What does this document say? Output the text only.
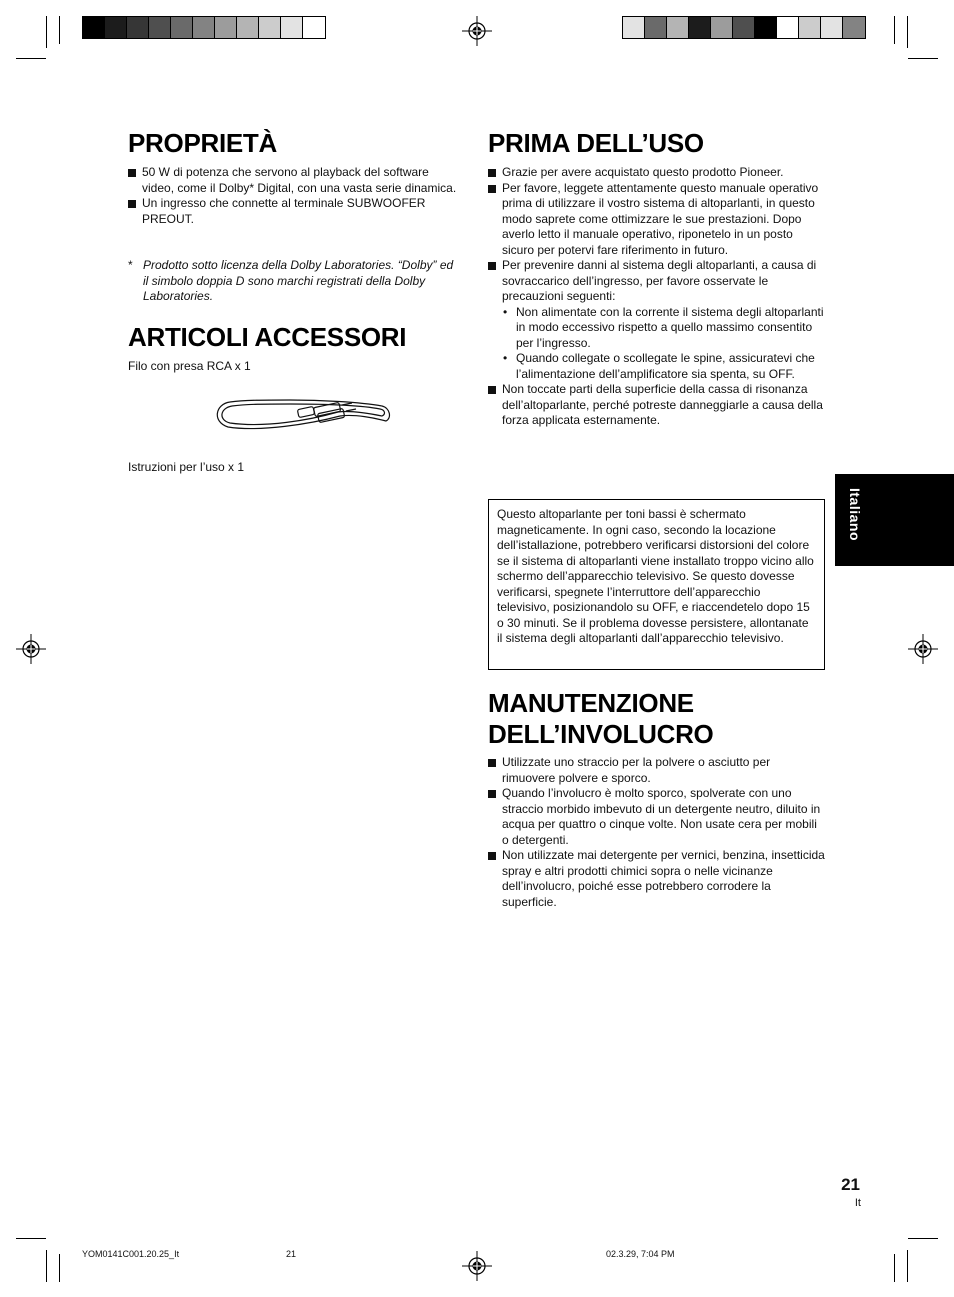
PROPRIETÀ
50 W di potenza che servono al playback del software video, come il Dolby* Digital, con una vasta serie dinamica.
Un ingresso che connette al terminale SUBWOOFER PREOUT.
* Prodotto sotto licenza della Dolby Laboratories. “Dolby” ed il simbolo doppia D sono marchi registrati della Dolby Laboratories.
ARTICOLI ACCESSORI

Filo con presa RCA x 1

Istruzioni per l’uso x 1

PRIMA DELL’USO
Grazie per avere acquistato questo prodotto Pioneer.
Per favore, leggete attentamente questo manuale operativo prima di utilizzare il vostro sistema di altoparlanti, in questo modo saprete come ottimizzare le sue prestazioni. Dopo averlo letto il manuale operativo, riponetelo in un posto sicuro per potervi fare riferimento in futuro.
Per prevenire danni al sistema degli altoparlanti, a causa di sovraccarico dell’ingresso, per favore osservate le precauzioni seguenti:
• Non alimentate con la corrente il sistema degli altoparlanti in modo eccessivo rispetto a quello massimo consentito per l’ingresso.
• Quando collegate o scollegate le spine, assicuratevi che l’alimentazione dell’amplificatore sia spenta, su OFF.
Non toccate parti della superficie della cassa di risonanza dell’altoparlante, perché potreste danneggiarle a causa della forza applicata esternamente.
Questo altoparlante per toni bassi è schermato magneticamente. In ogni caso, secondo la locazione dell’istallazione, potrebbero verificarsi distorsioni del colore se il sistema di altoparlanti viene installato troppo vicino allo schermo dell’apparecchio televisivo. Se questo dovesse verificarsi, spegnete l’interruttore dell’apparecchio televisivo, posizionandolo su OFF, e riaccendetelo dopo 15 o 30 minuti. Se il problema dovesse persistere, allontanate il sistema degli altoparlanti dall’apparecchio televisivo.
MANUTENZIONE
DELL’INVOLUCRO
Utilizzate uno straccio per la polvere o asciutto per rimuovere polvere e sporco.
Quando l’involucro è molto sporco, spolverate con uno straccio morbido imbevuto di un detergente neutro, diluito in acqua per quattro o cinque volte. Non usate cera per mobili o detergenti.
Non utilizzate mai detergente per vernici, benzina, insetticida spray e altri prodotti chimici sopra o nelle vicinanze dell’involucro, poiché esse potrebbero corrodere la superficie.
Italiano
21
It
YOM0141C001.20.25_It	21	02.3.29, 7:04 PM
